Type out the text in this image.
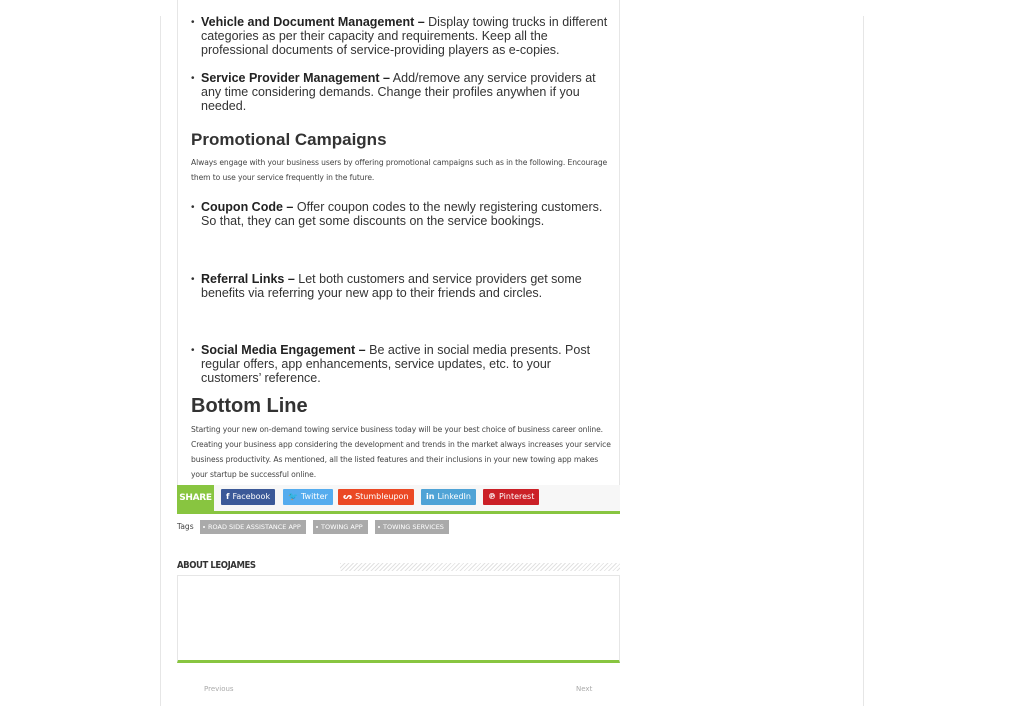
• Vehicle and Document Management – Display towing trucks in different categories as per their capacity and requirements. Keep all the professional documents of service-providing players as e-copies.
• Service Provider Management – Add/remove any service providers at any time considering demands. Change their profiles anywhen if you needed.
Promotional Campaigns

Always engage with your business users by offering promotional campaigns such as in the following. Encourage them to use your service frequently in the future.

• Coupon Code – Offer coupon codes to the newly registering customers. So that, they can get some discounts on the service bookings.
• Referral Links – Let both customers and service providers get some benefits via referring your new app to their friends and circles.
• Social Media Engagement – Be active in social media presents. Post regular offers, app enhancements, service updates, etc. to your customers’ reference.
Bottom Line

Starting your new on-demand towing service business today will be your best choice of business career online. Creating your business app considering the development and trends in the market always increases your service business productivity. As mentioned, all the listed features and their inclusions in your new towing app makes your startup be successful online.

SHARE	f Facebook	🐦 Twitter	ᔕ Stumbleupon	in LinkedIn	℗ Pinterest
Tags	ROAD SIDE ASSISTANCE APP	TOWING APP	TOWING SERVICES
ABOUT LEOJAMES
Previous	Next
